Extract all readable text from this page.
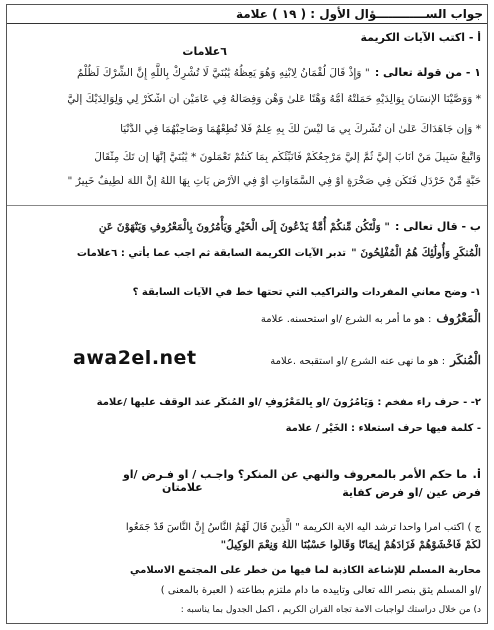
جواب الســــــــــــؤال الأول : ( ١٩ ) علامة
أ - اكتب الآيات الكريمة
٦علامات
١ - من قولة تعالى : " وَإِذْ قَالَ لُقْمَانُ لِابْنِهِ وَهُوَ يَعِظُهُ يَٰبُنَيَّ لَا تُشْرِكْ بِاللَّهِ إِنَّ الشِّرْكَ لَظُلْمٌ
* وَوَصَّيْنَا الْإِنسَانَ بِوَالِدَيْهِ حَمَلَتْهُ أُمُّهُ وَهْنًا عَلَىٰ وَهْنٍ وَفِصَالُهُ فِي عَامَيْنِ أَنِ اشْكُرْ لِي وَلِوَالِدَيْكَ إِلَيَّ
* وَإِن جَاهَدَاكَ عَلَىٰ أَن تُشْرِكَ بِي مَا لَيْسَ لَكَ بِهِ عِلْمٌ فَلَا تُطِعْهُمَا وَصَاحِبْهُمَا فِي الدُّنْيَا
وَاتَّبِعْ سَبِيلَ مَنْ أَنَابَ إِلَيَّ ثُمَّ إِلَيَّ مَرْجِعُكُمْ فَأُنَبِّئُكُم بِمَا كُنتُمْ تَعْمَلُونَ * يَٰبُنَيَّ إِنَّهَا إِن تَكُ مِثْقَالَ
حَبَّةٍ مِّنْ خَرْدَلٍ فَتَكُن فِي صَخْرَةٍ أَوْ فِي السَّمَاوَاتِ أَوْ فِي الْأَرْضِ يَأْتِ بِهَا اللَّهُ إِنَّ اللَّهَ لَطِيفٌ خَبِيرٌ "
ب - قال تعالى : " وَلْتَكُن مِّنكُمْ أُمَّةٌ يَدْعُونَ إِلَى الْخَيْرِ وَيَأْمُرُونَ بِالْمَعْرُوفِ وَيَنْهَوْنَ عَنِ
الْمُنكَرِ وَأُولَٰئِكَ هُمُ الْمُفْلِحُونَ " تدبر الآيات الكريمة السابقة ثم اجب عما يأتي : ٦علامات
١- وضح معاني المفردات والتراكيب التي تحتها خط في الآيات السابقة ؟
الْمَعْرُوف : هو ما أمر به الشرع /او استحسنه. علامة
الْمُنكَر : هو ما نهى عنه الشرع /او استقبحه .علامة
٢- - حرف راء مفخم : وَيَأْمُرُونَ /او بِالْمَعْرُوفِ /او الْمُنكَرِ عند الوقف عليها /علامة
- كلمة فيها حرف استعلاء : الْخَيْرِ / علامة
awa2el.net
i. ما حكم الأمر بالمعروف والنهي عن المنكر؟ واجـب / او فـرض /او
فرض عين /او فرض كفاية
علامتان
ج ) اكتب امرا واحدا ترشد اليه الاية الكريمة " الَّذِينَ قَالَ لَهُمُ النَّاسُ إِنَّ النَّاسَ قَدْ جَمَعُوا
لَكُمْ فَاخْشَوْهُمْ فَزَادَهُمْ إِيمَانًا وَقَالُوا حَسْبُنَا اللَّهُ وَنِعْمَ الْوَكِيلُ"
محاربة المسلم للإشاعة الكاذبة لما فيها من خطر على المجتمع الاسلامي
/او المسلم يثق بنصر الله تعالى وتأييده ما دام ملتزم بطاعته ( العبرة بالمعنى )
د) من خلال دراستك لواجبات الامة تجاه القران الكريم ، اكمل الجدول بما يناسبه :
